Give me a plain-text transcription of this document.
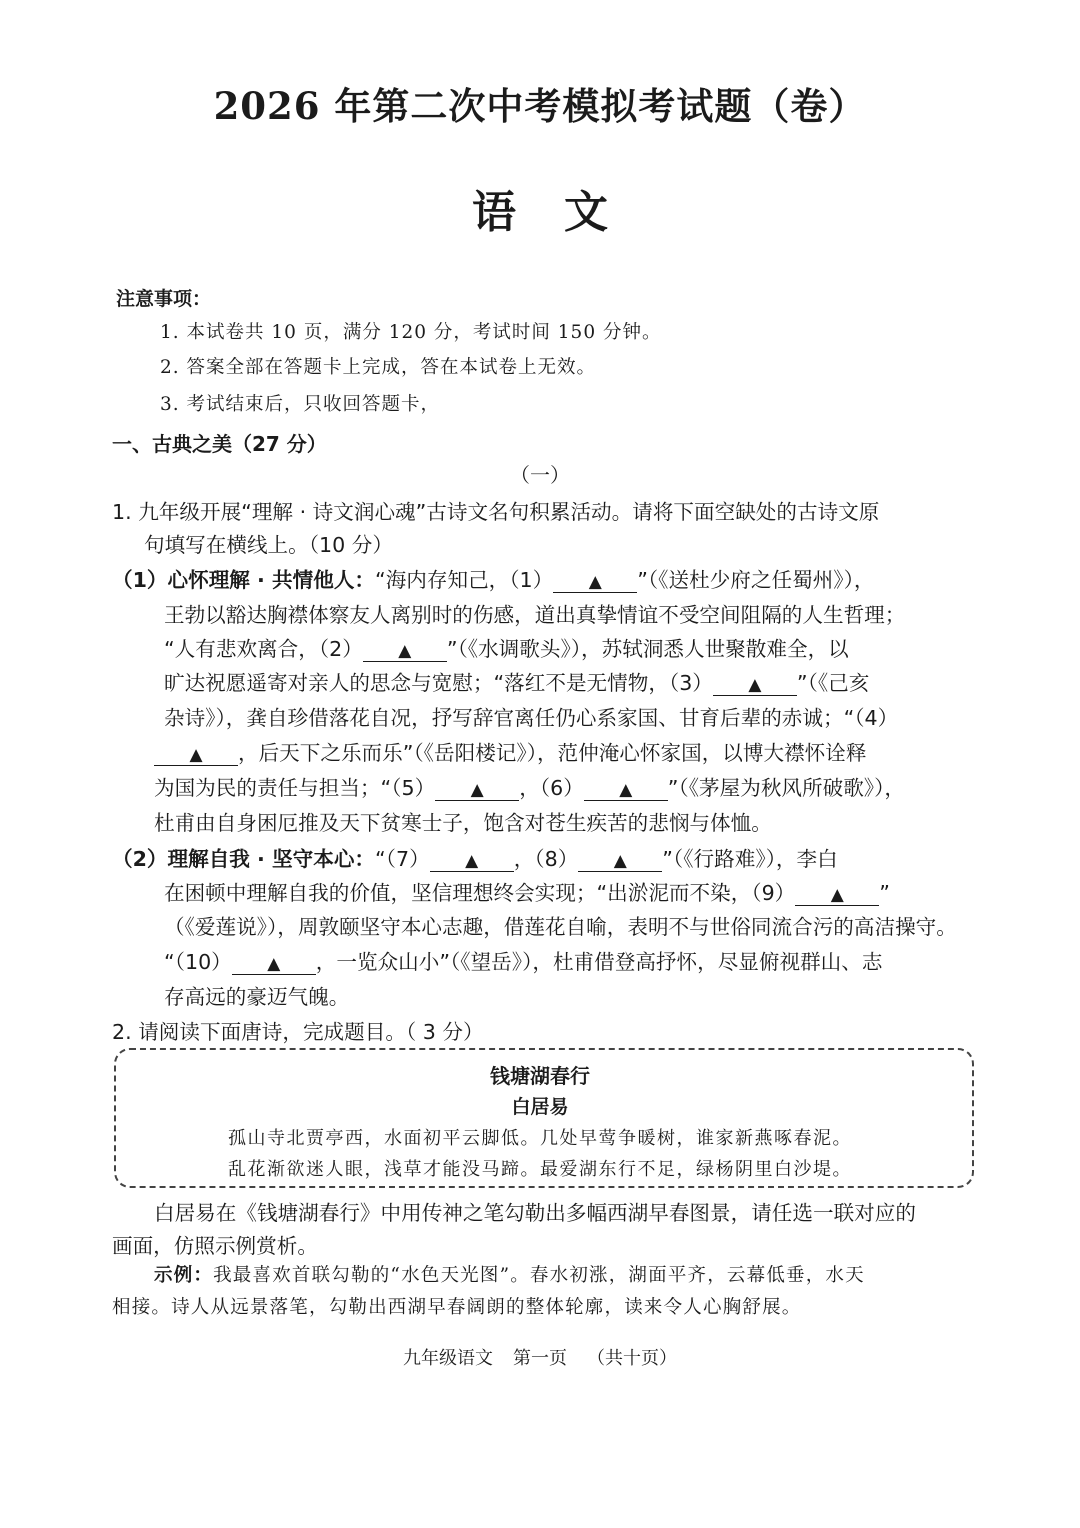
2026 年第二次中考模拟考试题（卷）
语文
注意事项：
1. 本试卷共 10 页，满分 120 分，考试时间 150 分钟。
2. 答案全部在答题卡上完成，答在本试卷上无效。
3. 考试结束后，只收回答题卡，
一、古典之美（27 分）
（一）
1. 九年级开展“理解 · 诗文润心魂”古诗文名句积累活动。请将下面空缺处的古诗文原
句填写在横线上。（10 分）
（1）心怀理解 · 共情他人：“海内存知己，（1） ▲ ”（《送杜少府之任蜀州》），
王勃以豁达胸襟体察友人离别时的伤感，道出真挚情谊不受空间阻隔的人生哲理；
“人有悲欢离合，（2） ▲ ”（《水调歌头》），苏轼洞悉人世聚散难全，以
旷达祝愿遥寄对亲人的思念与宽慰；“落红不是无情物，（3） ▲ ”（《己亥
杂诗》），龚自珍借落花自况，抒写辞官离任仍心系家国、甘育后辈的赤诚；“（4）
▲ ，后天下之乐而乐”（《岳阳楼记》），范仲淹心怀家国，以博大襟怀诠释
为国为民的责任与担当；“（5） ▲ ，（6） ▲ ”（《茅屋为秋风所破歌》），
杜甫由自身困厄推及天下贫寒士子，饱含对苍生疾苦的悲悯与体恤。
（2）理解自我 · 坚守本心：“（7） ▲ ，（8） ▲ ”（《行路难》），李白
在困顿中理解自我的价值，坚信理想终会实现；“出淤泥而不染，（9） ▲ ”
（《爱莲说》），周敦颐坚守本心志趣，借莲花自喻，表明不与世俗同流合污的高洁操守。
“（10） ▲ ，一览众山小”（《望岳》），杜甫借登高抒怀，尽显俯视群山、志
存高远的豪迈气魄。
2. 请阅读下面唐诗，完成题目。（ 3 分）
钱塘湖春行
白居易
孤山寺北贾亭西，水面初平云脚低。几处早莺争暖树，谁家新燕啄春泥。
乱花渐欲迷人眼，浅草才能没马蹄。最爱湖东行不足，绿杨阴里白沙堤。
白居易在《钱塘湖春行》中用传神之笔勾勒出多幅西湖早春图景，请任选一联对应的
画面，仿照示例赏析。
示例：我最喜欢首联勾勒的“水色天光图”。春水初涨，湖面平齐，云幕低垂，水天
相接。诗人从远景落笔，勾勒出西湖早春阔朗的整体轮廓，读来令人心胸舒展。
九年级语文 第一页 （共十页）
